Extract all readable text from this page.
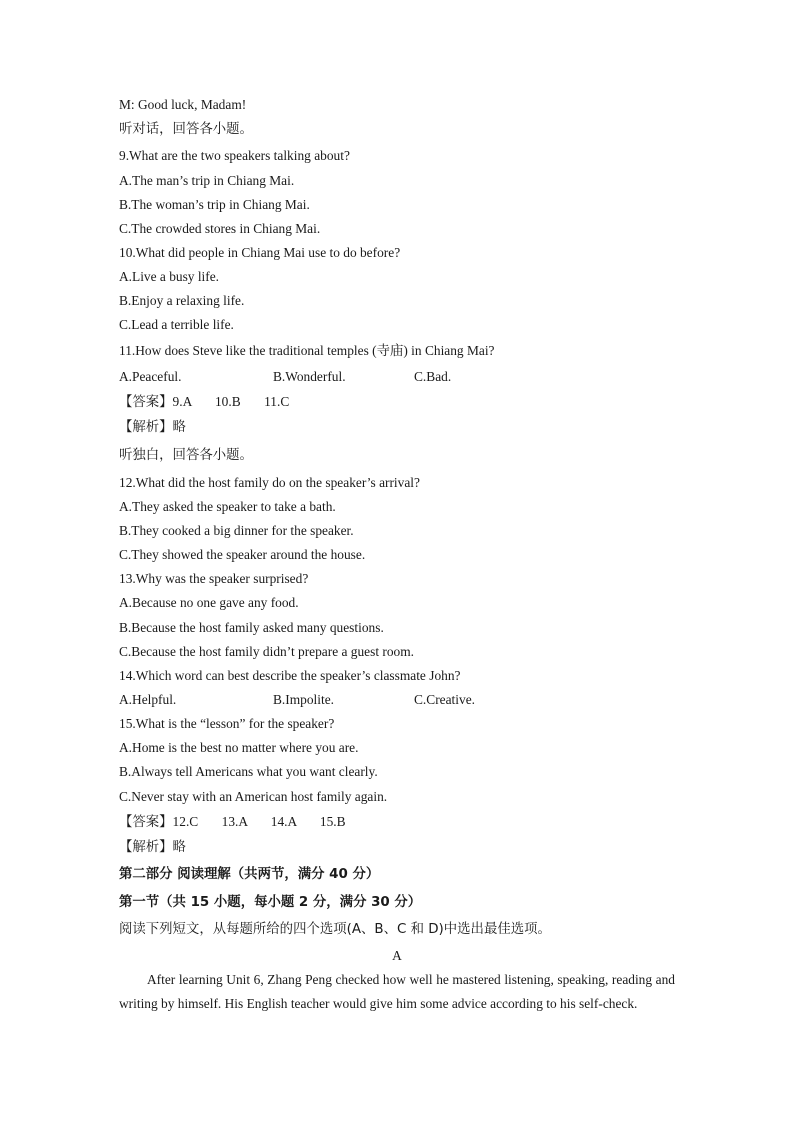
M: Good luck, Madam!
听对话，回答各小题。
9.What are the two speakers talking about?
A.The man’s trip in Chiang Mai.
B.The woman’s trip in Chiang Mai.
C.The crowded stores in Chiang Mai.
10.What did people in Chiang Mai use to do before?
A.Live a busy life.
B.Enjoy a relaxing life.
C.Lead a terrible life.
11.How does Steve like the traditional temples (寺庙) in Chiang Mai?
A.Peaceful.	B.Wonderful.	C.Bad.
【答案】9.A       10.B       11.C
【解析】略
听独白，回答各小题。
12.What did the host family do on the speaker’s arrival?
A.They asked the speaker to take a bath.
B.They cooked a big dinner for the speaker.
C.They showed the speaker around the house.
13.Why was the speaker surprised?
A.Because no one gave any food.
B.Because the host family asked many questions.
C.Because the host family didn’t prepare a guest room.
14.Which word can best describe the speaker’s classmate John?
A.Helpful.	B.Impolite.	C.Creative.
15.What is the “lesson” for the speaker?
A.Home is the best no matter where you are.
B.Always tell Americans what you want clearly.
C.Never stay with an American host family again.
【答案】12.C       13.A       14.A       15.B
【解析】略
第二部分 阅读理解（共两节，满分 40 分）
第一节（共 15 小题，每小题 2 分，满分 30 分）
阅读下列短文，从每题所给的四个选项(A、B、C 和 D)中选出最佳选项。
A
After learning Unit 6, Zhang Peng checked how well he mastered listening, speaking, reading and writing by himself. His English teacher would give him some advice according to his self-check.
